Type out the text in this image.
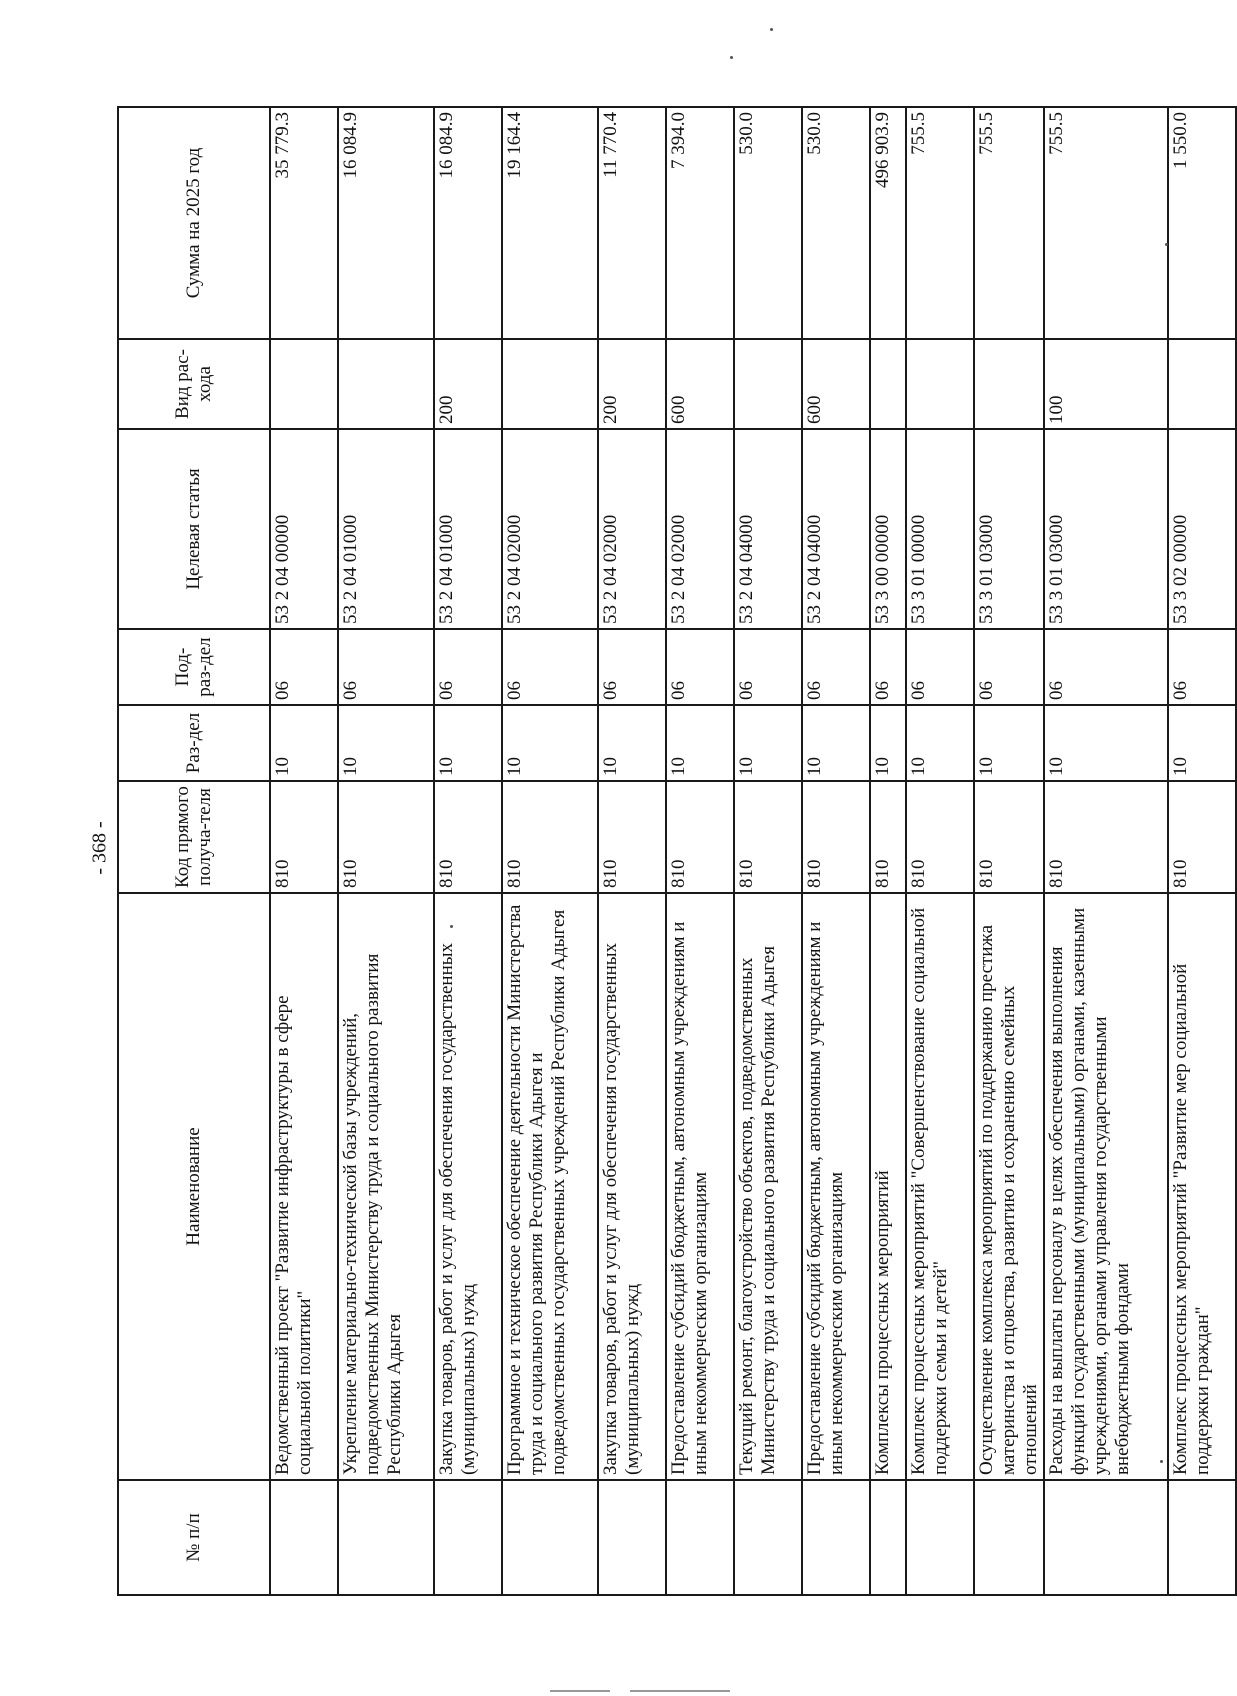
- 368 -
№ п/п	Наименование	Код прямого получа-теля	Раз-дел	Под-раз-дел	Целевая статья	Вид рас-хода	Сумма на 2025 год
	Ведомственный проект "Развитие инфраструктуры в сфере социальной политики"	810	10	06	53 2 04 00000		35 779.3
	Укрепление материально-технической базы учреждений, подведомственных Министерству труда и социального развития Республики Адыгея	810	10	06	53 2 04 01000		16 084.9
	Закупка товаров, работ и услуг для обеспечения государственных (муниципальных) нужд	810	10	06	53 2 04 01000	200	16 084.9
	Программное и техническое обеспечение деятельности Министерства труда и социального развития Республики Адыгея и подведомственных государственных учреждений Республики Адыгея	810	10	06	53 2 04 02000		19 164.4
	Закупка товаров, работ и услуг для обеспечения государственных (муниципальных) нужд	810	10	06	53 2 04 02000	200	11 770.4
	Предоставление субсидий бюджетным, автономным учреждениям и иным некоммерческим организациям	810	10	06	53 2 04 02000	600	7 394.0
	Текущий ремонт, благоустройство объектов, подведомственных Министерству труда и социального развития Республики Адыгея	810	10	06	53 2 04 04000		530.0
	Предоставление субсидий бюджетным, автономным учреждениям и иным некоммерческим организациям	810	10	06	53 2 04 04000	600	530.0
	Комплексы процессных мероприятий	810	10	06	53 3 00 00000		496 903.9
	Комплекс процессных мероприятий "Совершенствование социальной поддержки семьи и детей"	810	10	06	53 3 01 00000		755.5
	Осуществление комплекса мероприятий по поддержанию престижа материнства и отцовства, развитию и сохранению семейных отношений	810	10	06	53 3 01 03000		755.5
	Расходы на выплаты персоналу в целях обеспечения выполнения функций государственными (муниципальными) органами, казенными учреждениями, органами управления государственными внебюджетными фондами	810	10	06	53 3 01 03000	100	755.5
	Комплекс процессных мероприятий "Развитие мер социальной поддержки граждан"	810	10	06	53 3 02 00000		1 550.0
